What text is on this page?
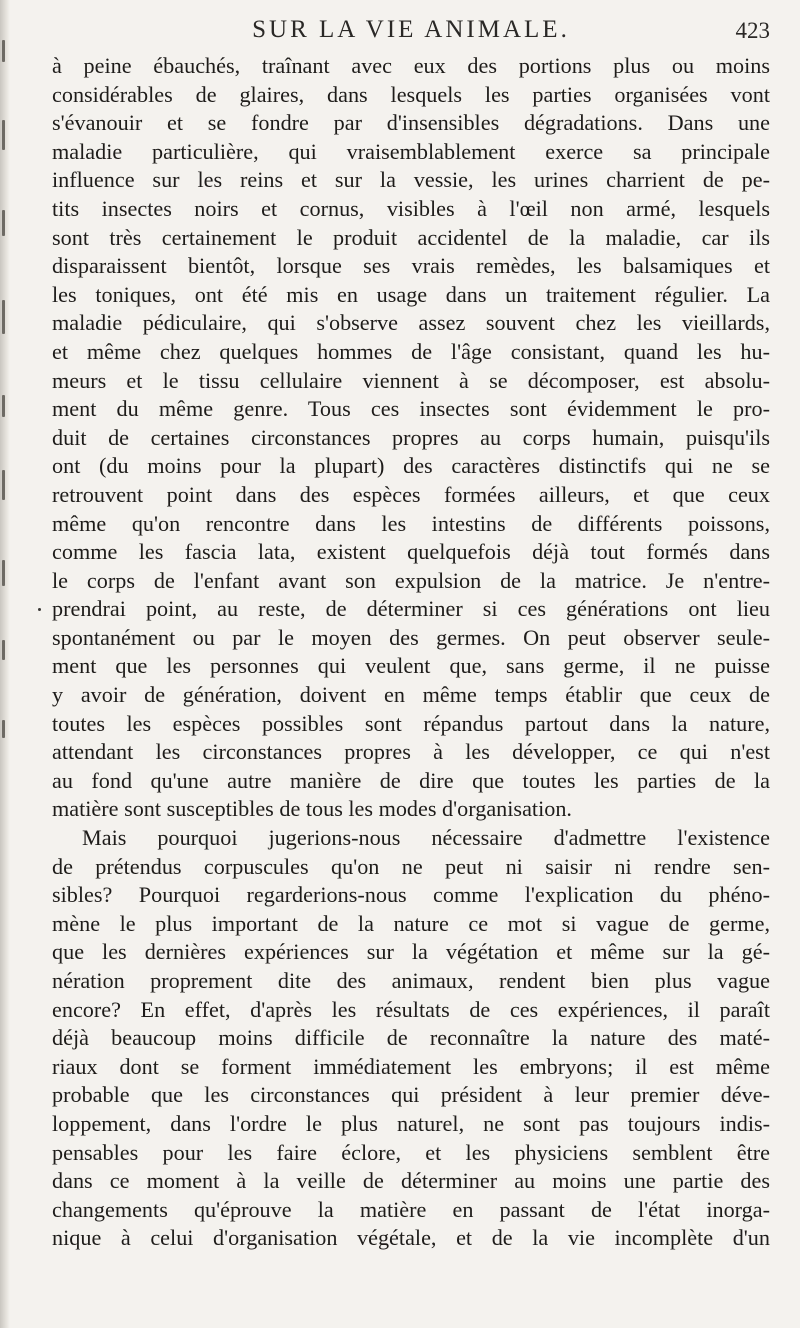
SUR LA VIE ANIMALE.	423
à peine ébauchés, traînant avec eux des portions plus ou moins
considérables de glaires, dans lesquels les parties organisées vont
s'évanouir et se fondre par d'insensibles dégradations. Dans une
maladie particulière, qui vraisemblablement exerce sa principale
influence sur les reins et sur la vessie, les urines charrient de pe-
tits insectes noirs et cornus, visibles à l'œil non armé, lesquels
sont très certainement le produit accidentel de la maladie, car ils
disparaissent bientôt, lorsque ses vrais remèdes, les balsamiques et
les toniques, ont été mis en usage dans un traitement régulier. La
maladie pédiculaire, qui s'observe assez souvent chez les vieillards,
et même chez quelques hommes de l'âge consistant, quand les hu-
meurs et le tissu cellulaire viennent à se décomposer, est absolu-
ment du même genre. Tous ces insectes sont évidemment le pro-
duit de certaines circonstances propres au corps humain, puisqu'ils
ont (du moins pour la plupart) des caractères distinctifs qui ne se
retrouvent point dans des espèces formées ailleurs, et que ceux
même qu'on rencontre dans les intestins de différents poissons,
comme les fascia lata, existent quelquefois déjà tout formés dans
le corps de l'enfant avant son expulsion de la matrice. Je n'entre-
prendrai point, au reste, de déterminer si ces générations ont lieu
spontanément ou par le moyen des germes. On peut observer seule-
ment que les personnes qui veulent que, sans germe, il ne puisse
y avoir de génération, doivent en même temps établir que ceux de
toutes les espèces possibles sont répandus partout dans la nature,
attendant les circonstances propres à les développer, ce qui n'est
au fond qu'une autre manière de dire que toutes les parties de la
matière sont susceptibles de tous les modes d'organisation.
Mais pourquoi jugerions-nous nécessaire d'admettre l'existence
de prétendus corpuscules qu'on ne peut ni saisir ni rendre sen-
sibles? Pourquoi regarderions-nous comme l'explication du phéno-
mène le plus important de la nature ce mot si vague de germe,
que les dernières expériences sur la végétation et même sur la gé-
nération proprement dite des animaux, rendent bien plus vague
encore? En effet, d'après les résultats de ces expériences, il paraît
déjà beaucoup moins difficile de reconnaître la nature des maté-
riaux dont se forment immédiatement les embryons; il est même
probable que les circonstances qui président à leur premier déve-
loppement, dans l'ordre le plus naturel, ne sont pas toujours indis-
pensables pour les faire éclore, et les physiciens semblent être
dans ce moment à la veille de déterminer au moins une partie des
changements qu'éprouve la matière en passant de l'état inorga-
nique à celui d'organisation végétale, et de la vie incomplète d'un
